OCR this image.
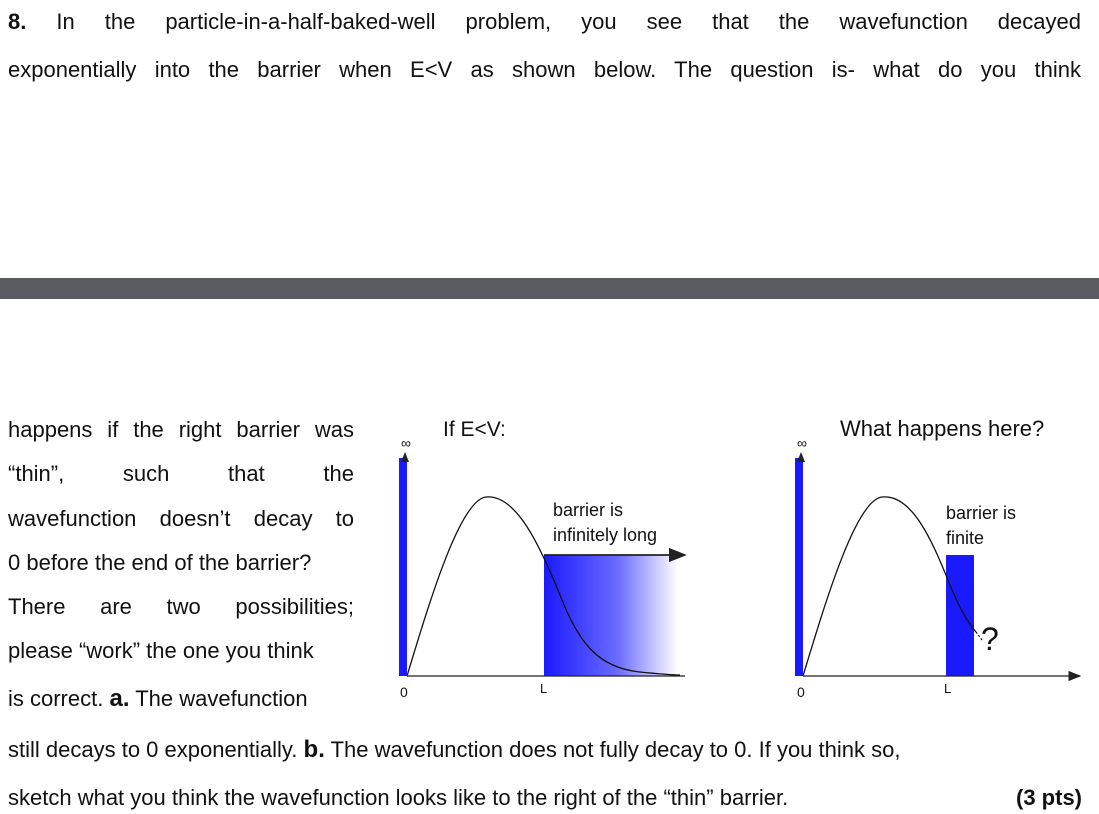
8. In the particle-in-a-half-baked-well problem, you see that the wavefunction decayed
exponentially into the barrier when E<V as shown below. The question is- what do you think
happens if the right barrier was
“thin”, such that the
wavefunction doesn’t decay to
0 before the end of the barrier?
There are two possibilities;
please “work” the one you think
is correct. a. The wavefunction
still decays to 0 exponentially. b. The wavefunction does not fully decay to 0. If you think so,
sketch what you think the wavefunction looks like to the right of the “thin” barrier.	(3 pts)
If E<V:
∞
barrier is
infinitely long
0	L
What happens here?
∞
barrier is
finite
?
0	L
